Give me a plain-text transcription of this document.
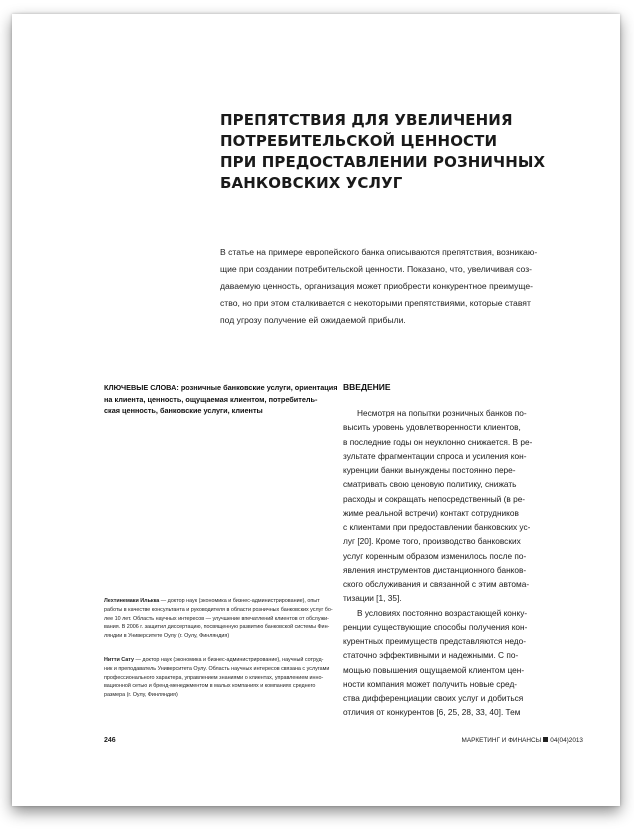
ПРЕПЯТСТВИЯ ДЛЯ УВЕЛИЧЕНИЯ
ПОТРЕБИТЕЛЬСКОЙ ЦЕННОСТИ
ПРИ ПРЕДОСТАВЛЕНИИ РОЗНИЧНЫХ
БАНКОВСКИХ УСЛУГ
В статье на примере европейского банка описываются препятствия, возникаю-
щие при создании потребительской ценности. Показано, что, увеличивая соз-
даваемую ценность, организация может приобрести конкурентное преимуще-
ство, но при этом сталкивается с некоторыми препятствиями, которые ставят
под угрозу получение ей ожидаемой прибыли.
КЛЮЧЕВЫЕ СЛОВА: розничные банковские услуги, ориентация
на клиента, ценность, ощущаемая клиентом, потребитель-
ская ценность, банковские услуги, клиенты
Лехтинемаки Илькка — доктор наук (экономика и бизнес-администрирование), опыт
работы в качестве консультанта и руководителя в области розничных банковских услуг бо-
лее 10 лет. Область научных интересов — улучшение впечатлений клиентов от обслужи-
вания. В 2006 г. защитил диссертацию, посвященную развитию банковской системы Фин-
ляндии в Университете Оулу (г. Оулу, Финляндия)
Нитти Сату — доктор наук (экономика и бизнес-администрирование), научный сотруд-
ник и преподаватель Университета Оулу. Область научных интересов связана с услугами
профессионального характера, управлением знаниями о клиентах, управлением инно-
вационной сетью и бренд-менеджментом в малых компаниях и компаниях среднего
размера (г. Оулу, Финляндия)
ВВЕДЕНИЕ
Несмотря на попытки розничных банков по-
высить уровень удовлетворенности клиентов,
в последние годы он неуклонно снижается. В ре-
зультате фрагментации спроса и усиления кон-
куренции банки вынуждены постоянно пере-
сматривать свою ценовую политику, снижать
расходы и сокращать непосредственный (в ре-
жиме реальной встречи) контакт сотрудников
с клиентами при предоставлении банковских ус-
луг [20]. Кроме того, производство банковских
услуг коренным образом изменилось после по-
явления инструментов дистанционного банков-
ского обслуживания и связанной с этим автома-
тизации [1, 35].
В условиях постоянно возрастающей конку-
ренции существующие способы получения кон-
курентных преимуществ представляются недо-
статочно эффективными и надежными. С по-
мощью повышения ощущаемой клиентом цен-
ности компания может получить новые сред-
ства дифференциации своих услуг и добиться
отличия от конкурентов [6, 25, 28, 33, 40]. Тем
246	МАРКЕТИНГ И ФИНАНСЫ 04(04)2013
